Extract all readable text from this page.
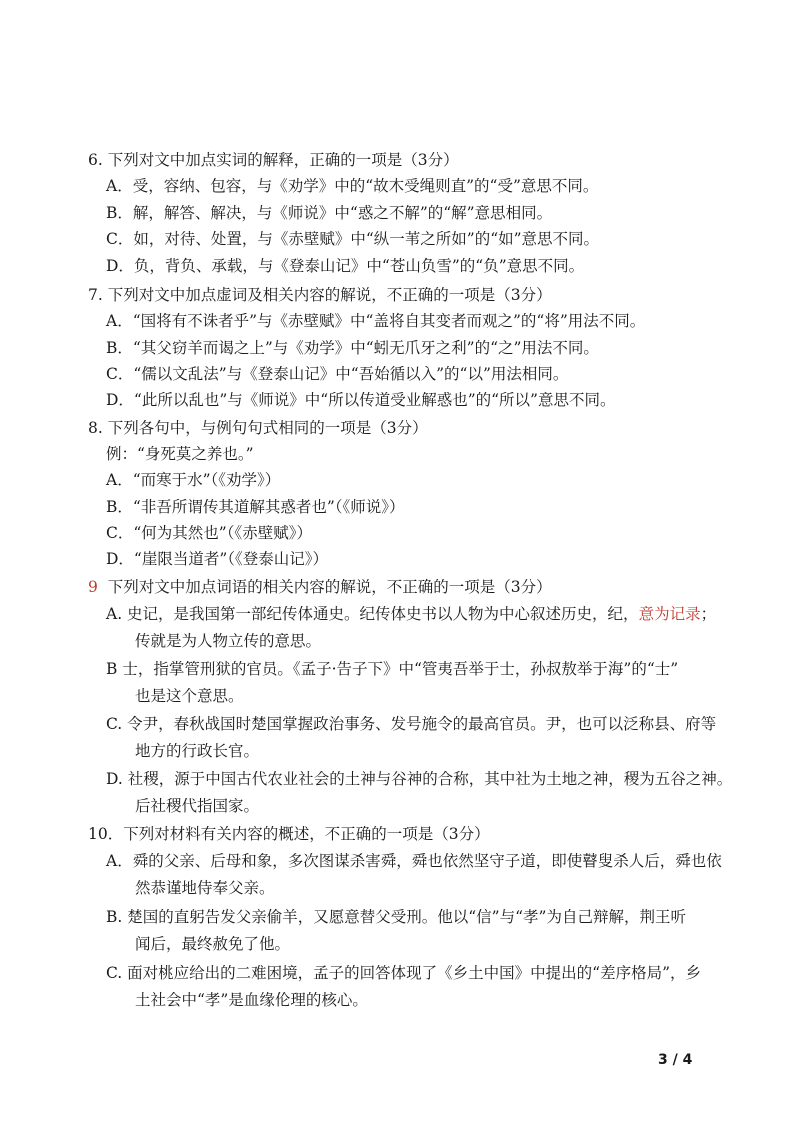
6. 下列对文中加点实词的解释，正确的一项是（3分）
A．受，容纳、包容，与《劝学》中的“故木受绳则直”的“受”意思不同。
B．解，解答、解决，与《师说》中“惑之不解”的“解”意思相同。
C．如，对待、处置，与《赤壁赋》中“纵一苇之所如”的“如”意思不同。
D．负，背负、承载，与《登泰山记》中“苍山负雪”的“负”意思不同。
7. 下列对文中加点虚词及相关内容的解说，不正确的一项是（3分）
A．“国将有不诛者乎”与《赤壁赋》中“盖将自其变者而观之”的“将”用法不同。
B．“其父窃羊而谒之上”与《劝学》中“蚓无爪牙之利”的“之”用法不同。
C．“儒以文乱法”与《登泰山记》中“吾始循以入”的“以”用法相同。
D．“此所以乱也”与《师说》中“所以传道受业解惑也”的“所以”意思不同。
8. 下列各句中，与例句句式相同的一项是（3分）
例：“身死莫之养也。”
A．“而寒于水”（《劝学》）
B．“非吾所谓传其道解其惑者也”（《师说》）
C．“何为其然也”（《赤壁赋》）
D．“崖限当道者”（《登泰山记》）
9 下列对文中加点词语的相关内容的解说，不正确的一项是（3分）
A. 史记，是我国第一部纪传体通史。纪传体史书以人物为中心叙述历史，纪，意为记录；
传就是为人物立传的意思。
B 士，指掌管刑狱的官员。《孟子·告子下》中“管夷吾举于士，孙叔敖举于海”的“士”
也是这个意思。
C. 令尹，春秋战国时楚国掌握政治事务、发号施令的最高官员。尹，也可以泛称县、府等
地方的行政长官。
D. 社稷，源于中国古代农业社会的土神与谷神的合称，其中社为土地之神，稷为五谷之神。
后社稷代指国家。
10．下列对材料有关内容的概述，不正确的一项是（3分）
A．舜的父亲、后母和象，多次图谋杀害舜，舜也依然坚守子道，即使瞽叟杀人后，舜也依
然恭谨地侍奉父亲。
B. 楚国的直躬告发父亲偷羊，又愿意替父受刑。他以“信”与“孝”为自己辩解，荆王听
闻后，最终赦免了他。
C. 面对桃应给出的二难困境，孟子的回答体现了《乡土中国》中提出的“差序格局”，乡
土社会中“孝”是血缘伦理的核心。
3 / 4
